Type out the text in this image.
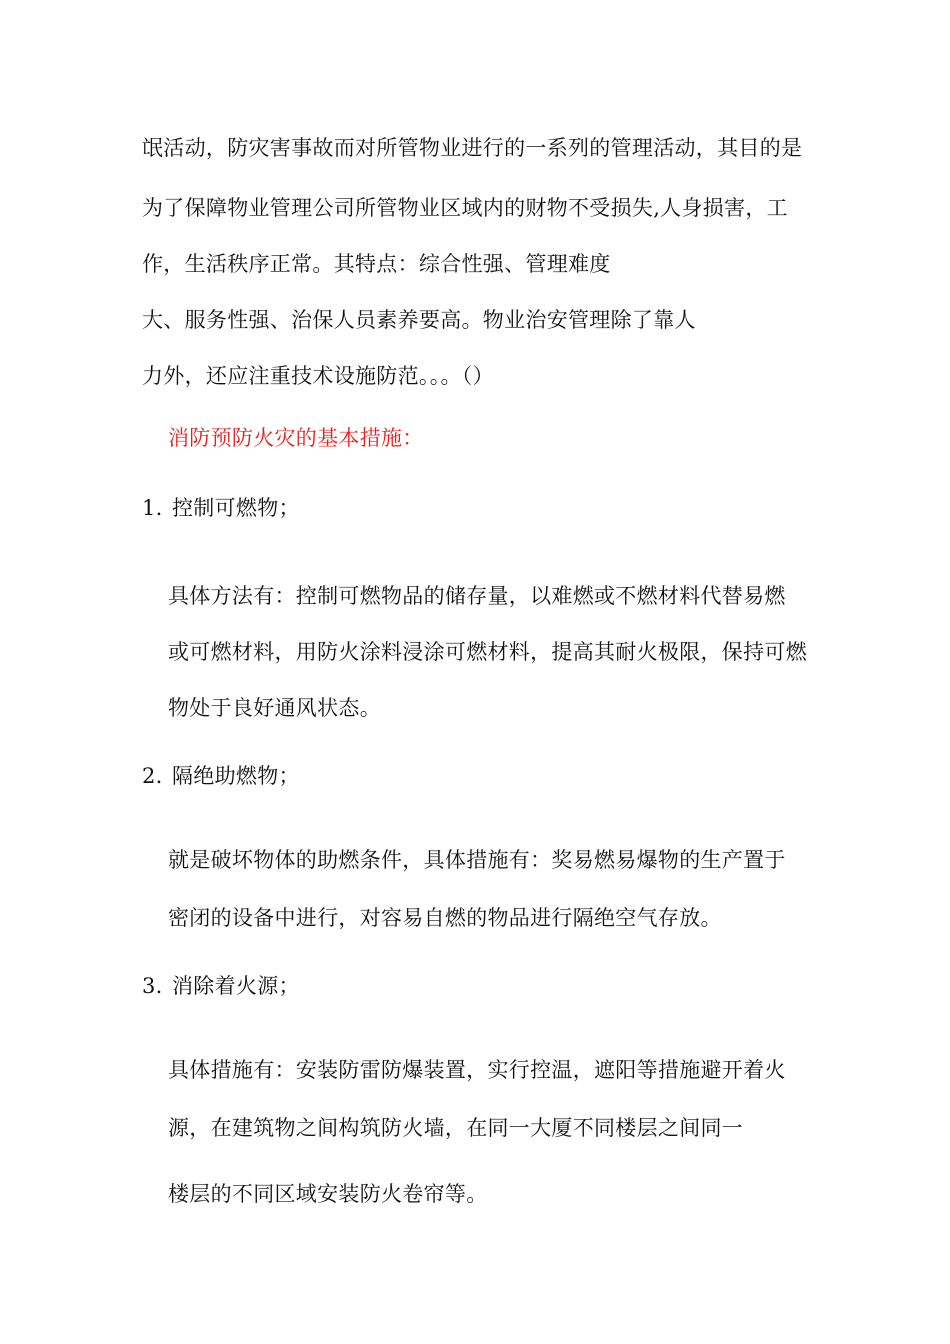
氓活动，防灾害事故而对所管物业进行的一系列的管理活动，其目的是
为了保障物业管理公司所管物业区域内的财物不受损失,人身损害，工
作，生活秩序正常。其特点：综合性强、管理难度
大、服务性强、治保人员素养要高。物业治安管理除了靠人
力外，还应注重技术设施防范。。。（）
消防预防火灾的基本措施：
1. 控制可燃物；
具体方法有：控制可燃物品的储存量，以难燃或不燃材料代替易燃
或可燃材料，用防火涂料浸涂可燃材料，提高其耐火极限，保持可燃
物处于良好通风状态。
2. 隔绝助燃物；
就是破坏物体的助燃条件，具体措施有：奖易燃易爆物的生产置于
密闭的设备中进行，对容易自燃的物品进行隔绝空气存放。
3. 消除着火源；
具体措施有：安装防雷防爆装置，实行控温，遮阳等措施避开着火
源，在建筑物之间构筑防火墙，在同一大厦不同楼层之间同一
楼层的不同区域安装防火卷帘等。
